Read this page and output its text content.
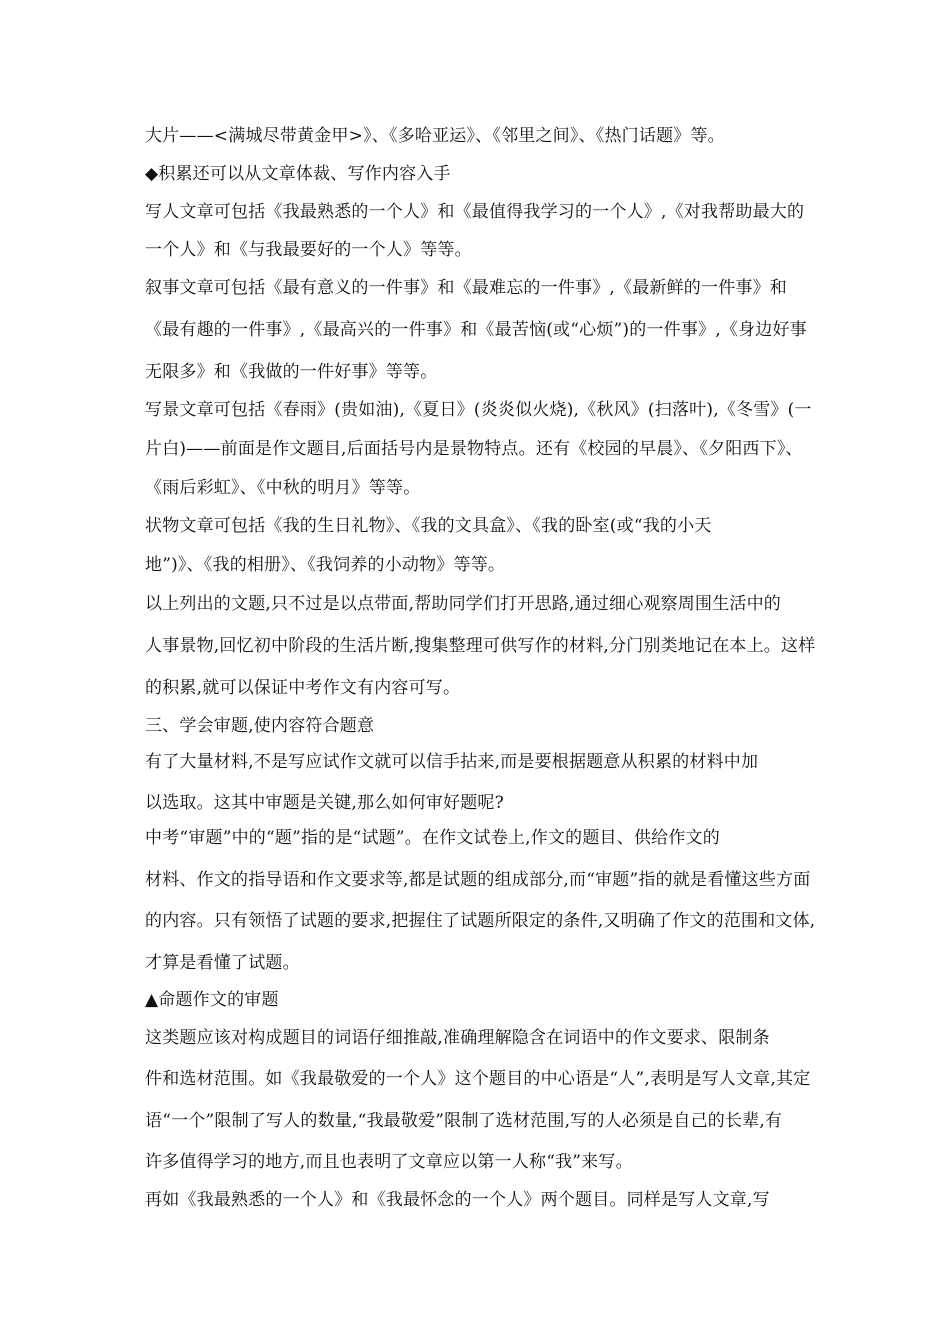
大片——<满城尽带黄金甲>》、《多哈亚运》、《邻里之间》、《热门话题》等。
◆积累还可以从文章体裁、写作内容入手
写人文章可包括《我最熟悉的一个人》和《最值得我学习的一个人》,《对我帮助最大的
一个人》和《与我最要好的一个人》等等。
叙事文章可包括《最有意义的一件事》和《最难忘的一件事》,《最新鲜的一件事》和
《最有趣的一件事》,《最高兴的一件事》和《最苦恼(或“心烦”)的一件事》,《身边好事
无限多》和《我做的一件好事》等等。
写景文章可包括《春雨》(贵如油),《夏日》(炎炎似火烧),《秋风》(扫落叶),《冬雪》(一
片白)——前面是作文题目,后面括号内是景物特点。还有《校园的早晨》、《夕阳西下》、
《雨后彩虹》、《中秋的明月》等等。
状物文章可包括《我的生日礼物》、《我的文具盒》、《我的卧室(或“我的小天
地”)》、《我的相册》、《我饲养的小动物》等等。
以上列出的文题,只不过是以点带面,帮助同学们打开思路,通过细心观察周围生活中的
人事景物,回忆初中阶段的生活片断,搜集整理可供写作的材料,分门别类地记在本上。这样
的积累,就可以保证中考作文有内容可写。
三、学会审题,使内容符合题意
有了大量材料,不是写应试作文就可以信手拈来,而是要根据题意从积累的材料中加
以选取。这其中审题是关键,那么如何审好题呢?
中考“审题”中的“题”指的是“试题”。在作文试卷上,作文的题目、供给作文的
材料、作文的指导语和作文要求等,都是试题的组成部分,而“审题”指的就是看懂这些方面
的内容。只有领悟了试题的要求,把握住了试题所限定的条件,又明确了作文的范围和文体,
才算是看懂了试题。
▲命题作文的审题
这类题应该对构成题目的词语仔细推敲,准确理解隐含在词语中的作文要求、限制条
件和选材范围。如《我最敬爱的一个人》这个题目的中心语是“人”,表明是写人文章,其定
语“一个”限制了写人的数量,“我最敬爱”限制了选材范围,写的人必须是自己的长辈,有
许多值得学习的地方,而且也表明了文章应以第一人称“我”来写。
再如《我最熟悉的一个人》和《我最怀念的一个人》两个题目。同样是写人文章,写
